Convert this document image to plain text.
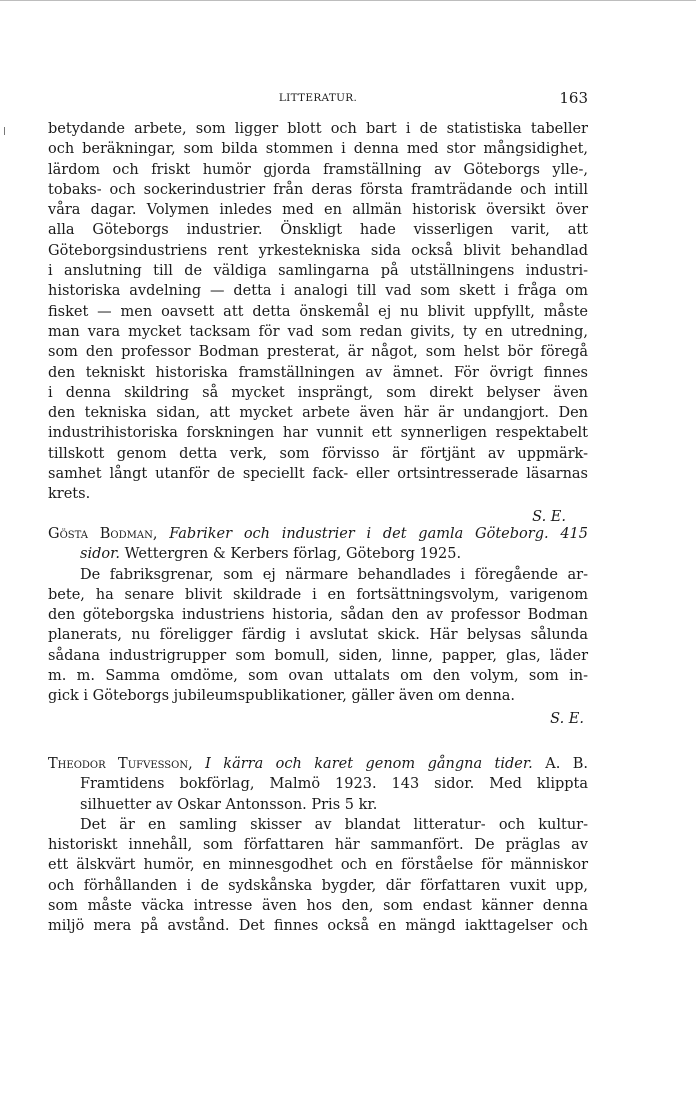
LITTERATUR.	163
betydande arbete, som ligger blott och bart i de statistiska tabeller
och beräkningar, som bilda stommen i denna med stor mångsidighet,
lärdom och friskt humör gjorda framställning av Göteborgs ylle-,
tobaks- och sockerindustrier från deras första framträdande och intill
våra dagar. Volymen inledes med en allmän historisk översikt över
alla Göteborgs industrier. Önskligt hade visserligen varit, att
Göteborgsindustriens rent yrkestekniska sida också blivit behandlad
i anslutning till de väldiga samlingarna på utställningens industri-
historiska avdelning — detta i analogi till vad som skett i fråga om
fisket — men oavsett att detta önskemål ej nu blivit uppfyllt, måste
man vara mycket tacksam för vad som redan givits, ty en utredning,
som den professor Bodman presterat, är något, som helst bör föregå
den tekniskt historiska framställningen av ämnet. För övrigt finnes
i denna skildring så mycket insprängt, som direkt belyser även
den tekniska sidan, att mycket arbete även här är undangjort. Den
industrihistoriska forskningen har vunnit ett synnerligen respektabelt
tillskott genom detta verk, som förvisso är förtjänt av uppmärk-
samhet långt utanför de speciellt fack- eller ortsintresserade läsarnas
krets.
S. E.
Gösta Bodman, Fabriker och industrier i det gamla Göteborg. 415
sidor. Wettergren & Kerbers förlag, Göteborg 1925.
De fabriksgrenar, som ej närmare behandlades i föregående ar-
bete, ha senare blivit skildrade i en fortsättningsvolym, varigenom
den göteborgska industriens historia, sådan den av professor Bodman
planerats, nu föreligger färdig i avslutat skick. Här belysas sålunda
sådana industrigrupper som bomull, siden, linne, papper, glas, läder
m. m. Samma omdöme, som ovan uttalats om den volym, som in-
gick i Göteborgs jubileumspublikationer, gäller även om denna.
S. E.
Theodor Tufvesson, I kärra och karet genom gångna tider. A. B.
Framtidens bokförlag, Malmö 1923. 143 sidor. Med klippta
silhuetter av Oskar Antonsson. Pris 5 kr.
Det är en samling skisser av blandat litteratur- och kultur-
historiskt innehåll, som författaren här sammanfört. De präglas av
ett älskvärt humör, en minnesgodhet och en förståelse för människor
och förhållanden i de sydskånska bygder, där författaren vuxit upp,
som måste väcka intresse även hos den, som endast känner denna
miljö mera på avstånd. Det finnes också en mängd iakttagelser och
